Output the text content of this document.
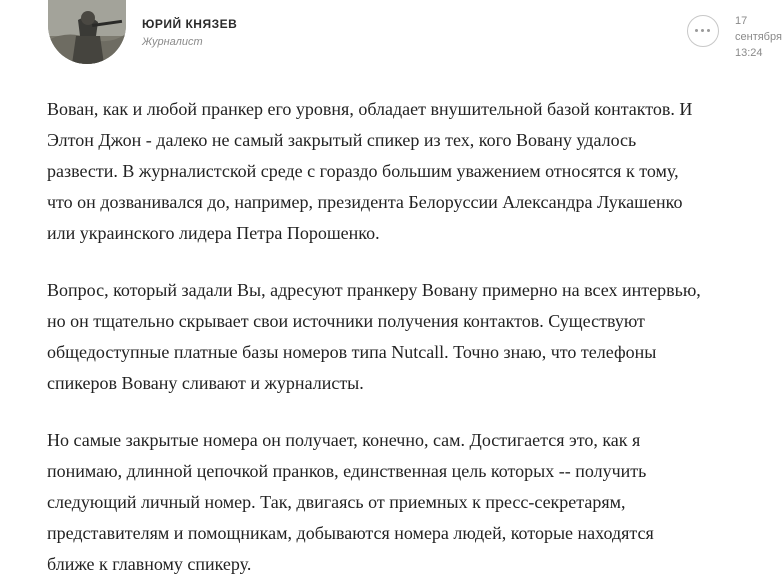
ЮРИЙ КНЯЗЕВ
Журналист
17
сентября
13:24

Вован, как и любой пранкер его уровня, обладает внушительной базой контактов. И
Элтон Джон - далеко не самый закрытый спикер из тех, кого Вовану удалось
развести. В журналистской среде с гораздо большим уважением относятся к тому,
что он дозванивался до, например, президента Белоруссии Александра Лукашенко
или украинского лидера Петра Порошенко.

Вопрос, который задали Вы, адресуют пранкеру Вовану примерно на всех интервью,
но он тщательно скрывает свои источники получения контактов. Существуют
общедоступные платные базы номеров типа Nutcall. Точно знаю, что телефоны
спикеров Вовану сливают и журналисты.

Но самые закрытые номера он получает, конечно, сам. Достигается это, как я
понимаю, длинной цепочкой пранков, единственная цель которых -- получить
следующий личный номер. Так, двигаясь от приемных к пресс-секретарям,
представителям и помощникам, добываются номера людей, которые находятся
ближе к главному спикеру.
